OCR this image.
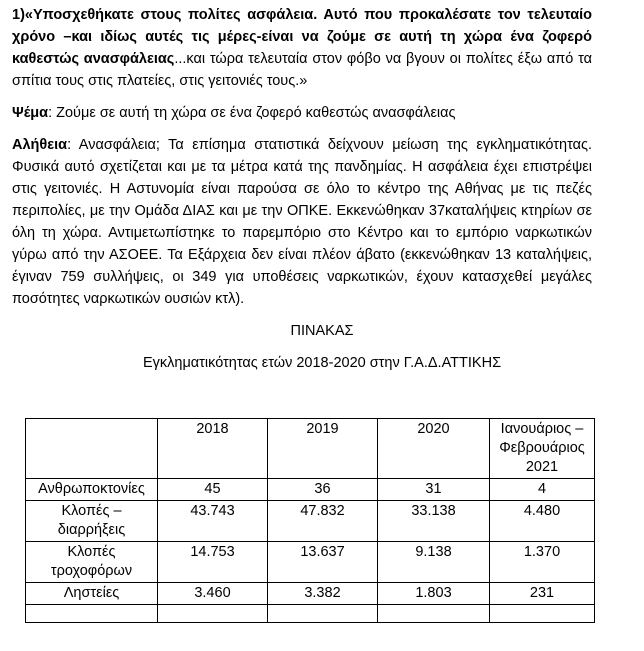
1)«Υποσχεθήκατε στους πολίτες ασφάλεια. Αυτό που προκαλέσατε τον τελευταίο χρόνο –και ιδίως αυτές τις μέρες-είναι να ζούμε σε αυτή τη χώρα ένα ζοφερό καθεστώς ανασφάλειας...και τώρα τελευταία στον φόβο να βγουν οι πολίτες έξω από τα σπίτια τους στις πλατείες, στις γειτονιές τους.»

Ψέμα: Ζούμε σε αυτή τη χώρα σε ένα ζοφερό καθεστώς ανασφάλειας

Αλήθεια: Ανασφάλεια; Τα επίσημα στατιστικά δείχνουν μείωση της εγκληματικότητας. Φυσικά αυτό σχετίζεται και με τα μέτρα κατά της πανδημίας. Η ασφάλεια έχει επιστρέψει στις γειτονιές. Η Αστυνομία είναι παρούσα σε όλο το κέντρο της Αθήνας με τις πεζές περιπολίες, με την Ομάδα ΔΙΑΣ και με την ΟΠΚΕ. Εκκενώθηκαν 37καταλήψεις κτηρίων σε όλη τη χώρα. Αντιμετωπίστηκε το παρεμπόριο στο Κέντρο και το εμπόριο ναρκωτικών γύρω από την ΑΣΟΕΕ. Τα Εξάρχεια δεν είναι πλέον άβατο (εκκενώθηκαν 13 καταλήψεις, έγιναν 759 συλλήψεις, οι 349 για υποθέσεις ναρκωτικών, έχουν κατασχεθεί μεγάλες ποσότητες ναρκωτικών ουσιών κτλ).

ΠΙΝΑΚΑΣ

Εγκληματικότητας ετών 2018-2020 στην Γ.Α.Δ.ΑΤΤΙΚΗΣ

	2018	2019	2020	Ιανουάριος – Φεβρουάριος 2021
Ανθρωποκτονίες	45	36	31	4
Κλοπές – διαρρήξεις	43.743	47.832	33.138	4.480
Κλοπές τροχοφόρων	14.753	13.637	9.138	1.370
Ληστείες	3.460	3.382	1.803	231
